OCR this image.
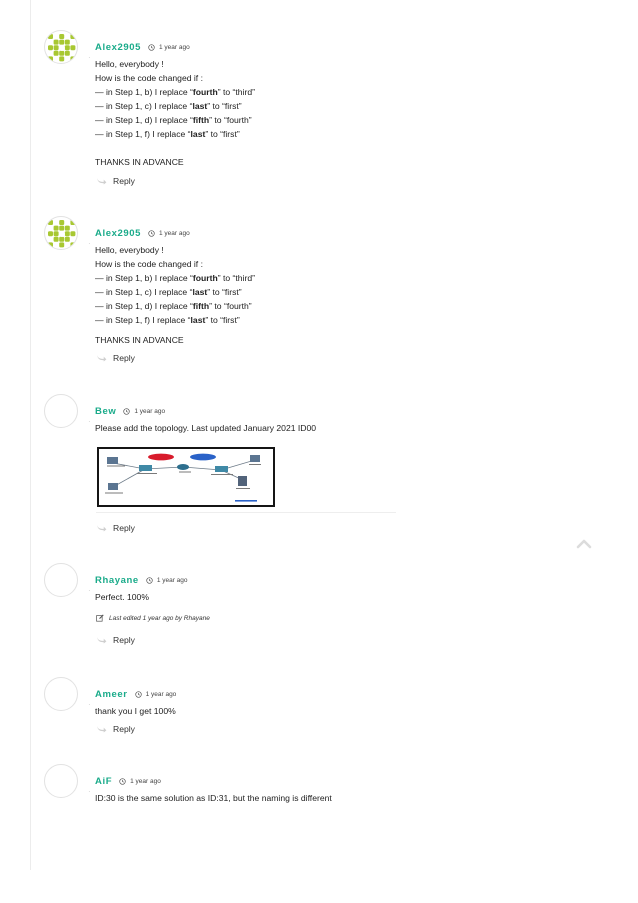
·
Alex2905	1 year ago
Hello, everybody !
How is the code changed if :
— in Step 1, b) I replace “fourth” to “third”
— in Step 1, c) I replace “last” to “first”
— in Step 1, d) I replace “fifth” to “fourth”
— in Step 1, f) I replace “last” to “first”
THANKS IN ADVANCE
Reply
·
Alex2905	1 year ago
Hello, everybody !
How is the code changed if :
— in Step 1, b) I replace “fourth” to “third”
— in Step 1, c) I replace “last” to “first”
— in Step 1, d) I replace “fifth” to “fourth”
— in Step 1, f) I replace “last” to “first”
THANKS IN ADVANCE
Reply
·
Bew	1 year ago
Please add the topology. Last updated January 2021 ID00
Reply
·
Rhayane	1 year ago
Perfect. 100%
Last edited 1 year ago by Rhayane
Reply
·
Ameer	1 year ago
thank you I get 100%
Reply
·
AiF	1 year ago
ID:30 is the same solution as ID:31, but the naming is different
